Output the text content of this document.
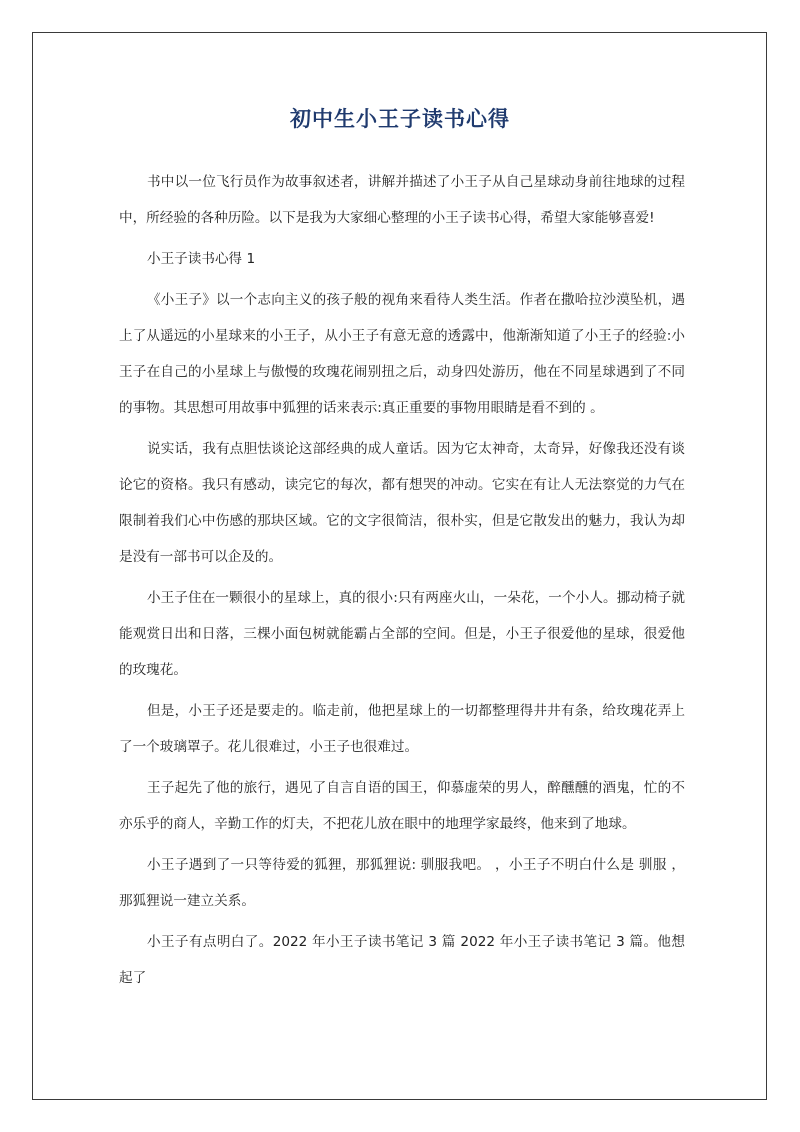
初中生小王子读书心得

书中以一位飞行员作为故事叙述者，讲解并描述了小王子从自己星球动身前往地球的过程中，所经验的各种历险。以下是我为大家细心整理的小王子读书心得，希望大家能够喜爱!

小王子读书心得 1

《小王子》以一个志向主义的孩子般的视角来看待人类生活。作者在撒哈拉沙漠坠机，遇上了从遥远的小星球来的小王子，从小王子有意无意的透露中，他渐渐知道了小王子的经验:小王子在自己的小星球上与傲慢的玫瑰花闹别扭之后，动身四处游历，他在不同星球遇到了不同的事物。其思想可用故事中狐狸的话来表示:真正重要的事物用眼睛是看不到的 。

说实话，我有点胆怯谈论这部经典的成人童话。因为它太神奇，太奇异，好像我还没有谈论它的资格。我只有感动，读完它的每次，都有想哭的冲动。它实在有让人无法察觉的力气在限制着我们心中伤感的那块区域。它的文字很简洁，很朴实，但是它散发出的魅力，我认为却是没有一部书可以企及的。

小王子住在一颗很小的星球上，真的很小:只有两座火山，一朵花，一个小人。挪动椅子就能观赏日出和日落，三棵小面包树就能霸占全部的空间。但是，小王子很爱他的星球，很爱他的玫瑰花。

但是，小王子还是要走的。临走前，他把星球上的一切都整理得井井有条，给玫瑰花弄上了一个玻璃罩子。花儿很难过，小王子也很难过。

王子起先了他的旅行，遇见了自言自语的国王，仰慕虚荣的男人，醉醺醺的酒鬼，忙的不亦乐乎的商人，辛勤工作的灯夫，不把花儿放在眼中的地理学家最终，他来到了地球。

小王子遇到了一只等待爱的狐狸，那狐狸说: 驯服我吧。 ，小王子不明白什么是 驯服 ，那狐狸说一建立关系。

小王子有点明白了。2022 年小王子读书笔记 3 篇 2022 年小王子读书笔记 3 篇。他想起了
